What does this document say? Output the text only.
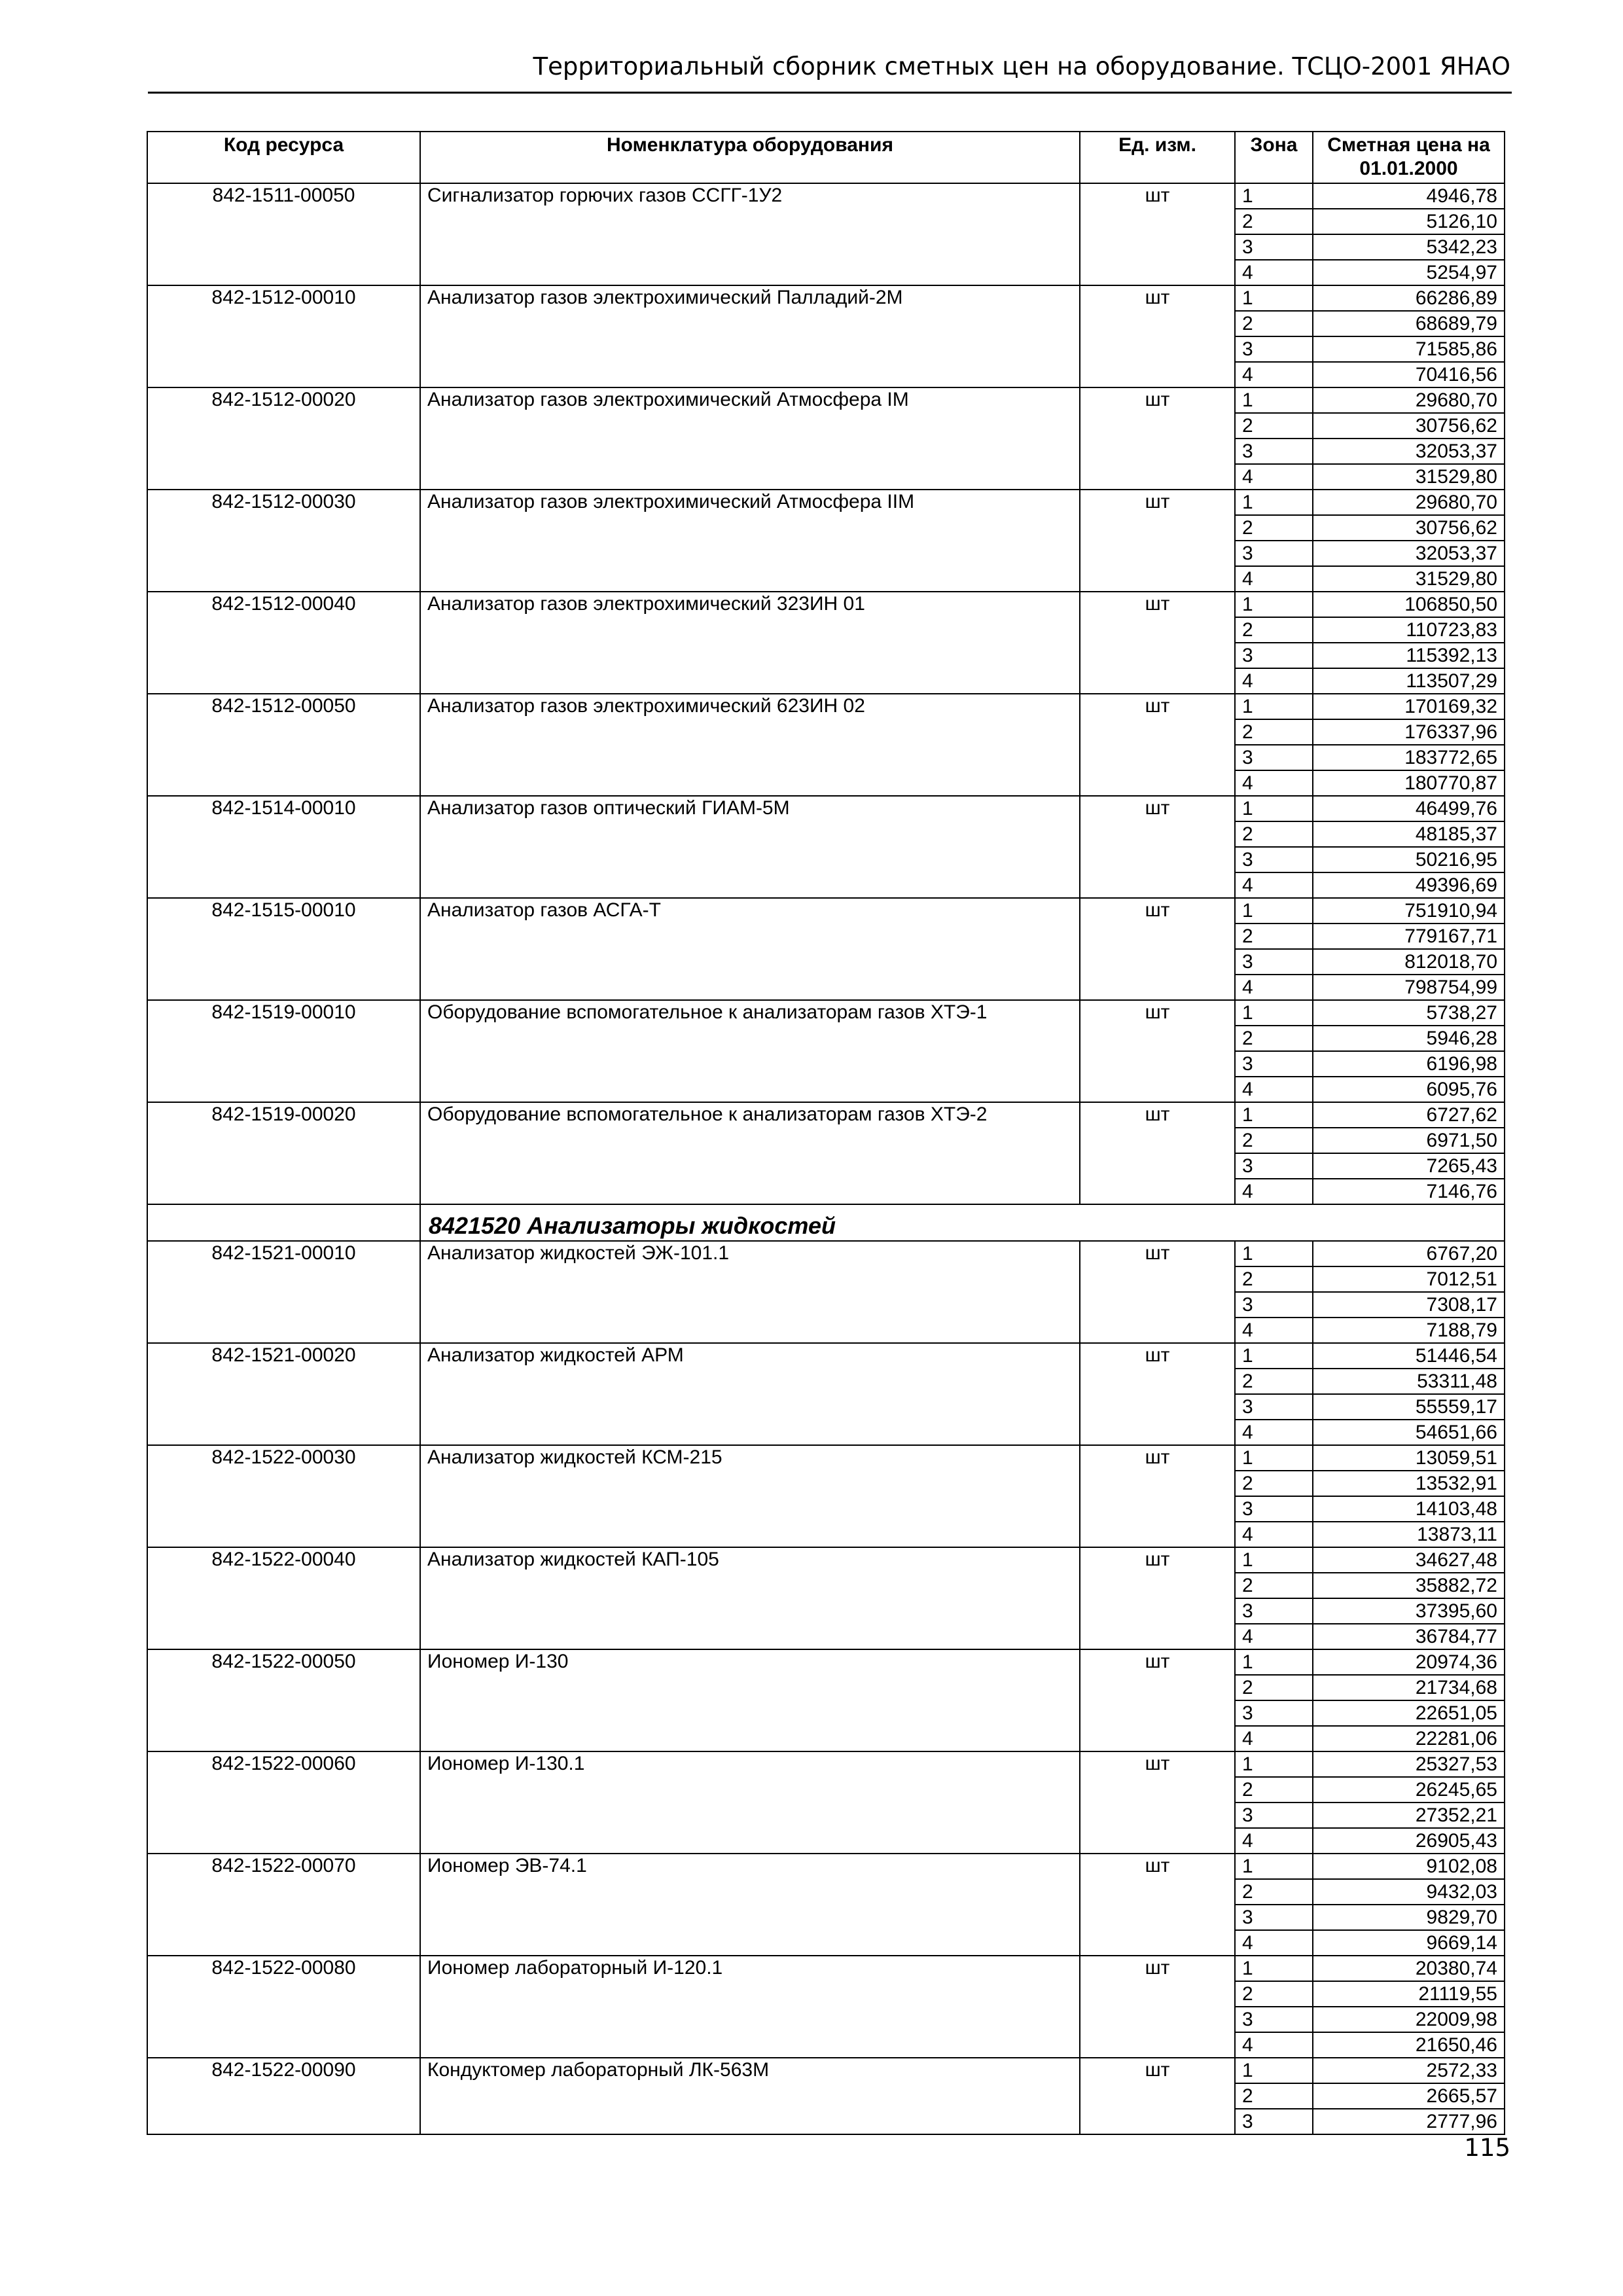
Территориальный сборник сметных цен на оборудование. ТСЦО-2001 ЯНАО
Код ресурса	Номенклатура оборудования	Ед. изм.	Зона	Сметная цена на 01.01.2000
842-1511-00050	Сигнализатор горючих газов ССГГ-1У2	шт	1	4946,78
			2	5126,10
			3	5342,23
			4	5254,97
842-1512-00010	Анализатор газов электрохимический Палладий-2М	шт	1	66286,89
			2	68689,79
			3	71585,86
			4	70416,56
842-1512-00020	Анализатор газов электрохимический Атмосфера IM	шт	1	29680,70
			2	30756,62
			3	32053,37
			4	31529,80
842-1512-00030	Анализатор газов электрохимический Атмосфера IIM	шт	1	29680,70
			2	30756,62
			3	32053,37
			4	31529,80
842-1512-00040	Анализатор газов электрохимический 323ИН 01	шт	1	106850,50
			2	110723,83
			3	115392,13
			4	113507,29
842-1512-00050	Анализатор газов электрохимический 623ИН 02	шт	1	170169,32
			2	176337,96
			3	183772,65
			4	180770,87
842-1514-00010	Анализатор газов оптический ГИАМ-5М	шт	1	46499,76
			2	48185,37
			3	50216,95
			4	49396,69
842-1515-00010	Анализатор газов АСГА-Т	шт	1	751910,94
			2	779167,71
			3	812018,70
			4	798754,99
842-1519-00010	Оборудование вспомогательное к анализаторам газов ХТЭ-1	шт	1	5738,27
			2	5946,28
			3	6196,98
			4	6095,76
842-1519-00020	Оборудование вспомогательное к анализаторам газов ХТЭ-2	шт	1	6727,62
			2	6971,50
			3	7265,43
			4	7146,76
	8421520 Анализаторы жидкостей			
842-1521-00010	Анализатор жидкостей ЭЖ-101.1	шт	1	6767,20
			2	7012,51
			3	7308,17
			4	7188,79
842-1521-00020	Анализатор жидкостей АРМ	шт	1	51446,54
			2	53311,48
			3	55559,17
			4	54651,66
842-1522-00030	Анализатор жидкостей КСМ-215	шт	1	13059,51
			2	13532,91
			3	14103,48
			4	13873,11
842-1522-00040	Анализатор жидкостей КАП-105	шт	1	34627,48
			2	35882,72
			3	37395,60
			4	36784,77
842-1522-00050	Иономер И-130	шт	1	20974,36
			2	21734,68
			3	22651,05
			4	22281,06
842-1522-00060	Иономер И-130.1	шт	1	25327,53
			2	26245,65
			3	27352,21
			4	26905,43
842-1522-00070	Иономер ЭВ-74.1	шт	1	9102,08
			2	9432,03
			3	9829,70
			4	9669,14
842-1522-00080	Иономер лабораторный И-120.1	шт	1	20380,74
			2	21119,55
			3	22009,98
			4	21650,46
842-1522-00090	Кондуктомер лабораторный ЛК-563М	шт	1	2572,33
			2	2665,57
			3	2777,96
115
